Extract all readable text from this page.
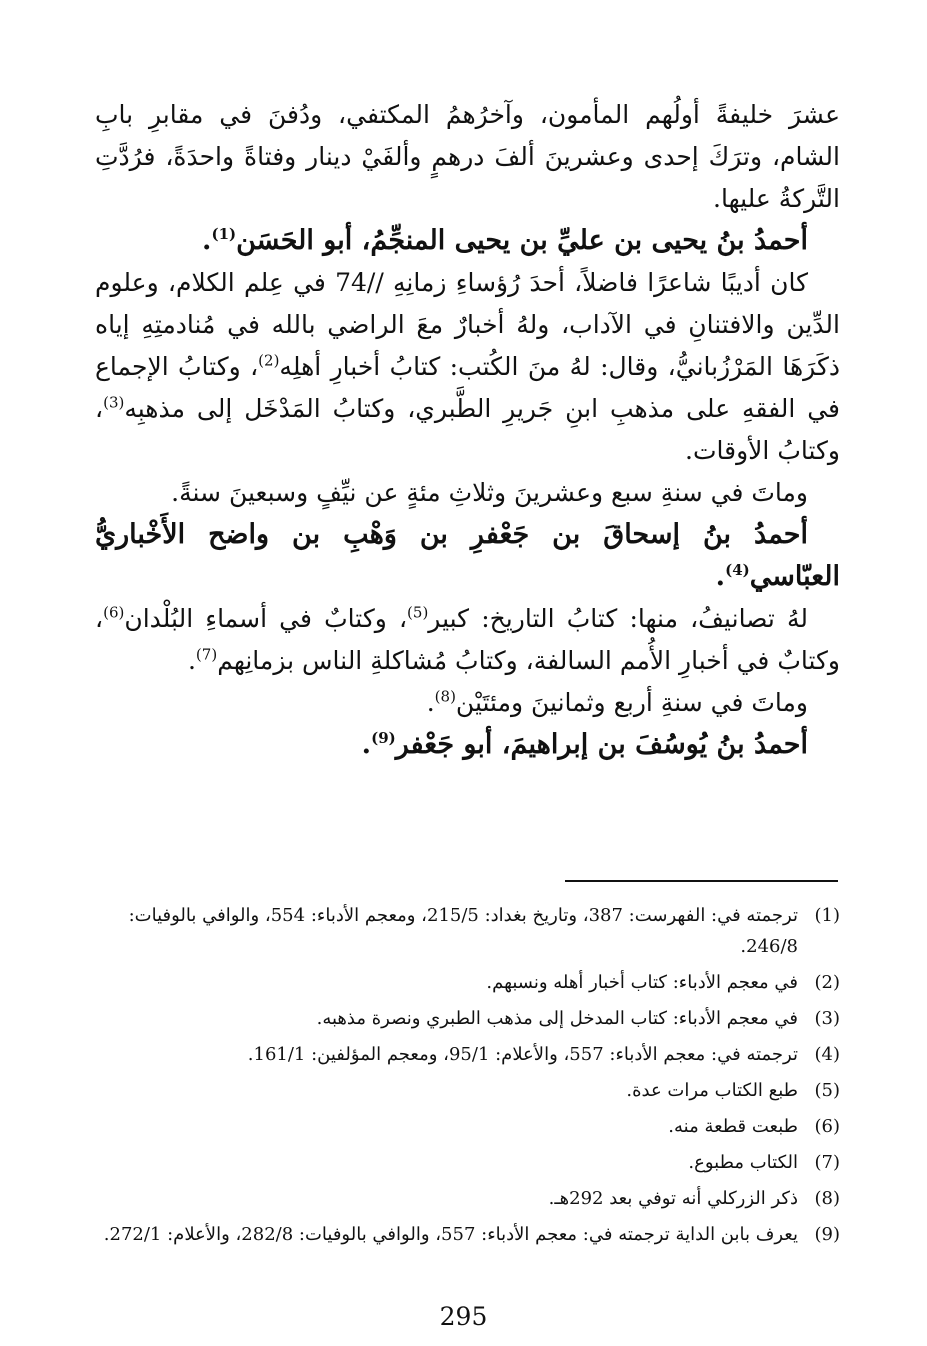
عشرَ خليفةً أولُهم المأمون، وآخرُهمُ المكتفي، ودُفنَ في مقابرِ بابِ الشام، وترَكَ إحدى وعشرينَ ألفَ درهمٍ وألفَيْ دينار وفتاةً واحدَةً، فرُدَّتِ التَّركةُ عليها.

أحمدُ بنُ يحيى بن عليِّ بن يحيى المنجِّمُ، أبو الحَسَن$^{(1)}$.

كان أديبًا شاعرًا فاضلاً، أحدَ رُؤساءِ زمانِهِ //74 في عِلم الكلام، وعلوم الدِّين والافتنانِ في الآداب، ولهُ أخبارٌ معَ الراضي بالله في مُنادمتِهِ إياه ذكَرَهَا المَرْزُبانيُّ، وقال: لهُ منَ الكُتب: كتابُ أخبارِ أهلِه$^{(2)}$، وكتابُ الإجماع في الفقهِ على مذهبِ ابنِ جَريرِ الطَّبري، وكتابُ المَدْخَل إلى مذهبِه$^{(3)}$، وكتابُ الأوقات.

وماتَ في سنةِ سبع وعشرينَ وثلاثِ مئةٍ عن نيِّفٍ وسبعينَ سنةً.

أحمدُ بنُ إسحاقَ بن جَعْفرِ بن وَهْبِ بن واضح الأَخْباريُّ العبّاسي$^{(4)}$.

لهُ تصانيفُ، منها: كتابُ التاريخ: كبير$^{(5)}$، وكتابٌ في أسماءِ البُلْدان$^{(6)}$، وكتابٌ في أخبارِ الأُمم السالفة، وكتابُ مُشاكلةِ الناس بزمانِهم$^{(7)}$.

وماتَ في سنةِ أربع وثمانينَ ومئتَيْن$^{(8)}$.

أحمدُ بنُ يُوسُفَ بن إبراهيمَ، أبو جَعْفر$^{(9)}$.

(1)
ترجمته في: الفهرست: 387، وتاريخ بغداد: 215/5، ومعجم الأدباء: 554، والوافي بالوفيات: 246/8.
(2)
في معجم الأدباء: كتاب أخبار أهله ونسبهم.
(3)
في معجم الأدباء: كتاب المدخل إلى مذهب الطبري ونصرة مذهبه.
(4)
ترجمته في: معجم الأدباء: 557، والأعلام: 95/1، ومعجم المؤلفين: 161/1.
(5)
طبع الكتاب مرات عدة.
(6)
طبعت قطعة منه.
(7)
الكتاب مطبوع.
(8)
ذكر الزركلي أنه توفي بعد 292هـ.
(9)
يعرف بابن الداية ترجمته في: معجم الأدباء: 557، والوافي بالوفيات: 282/8، والأعلام: 272/1.
295
